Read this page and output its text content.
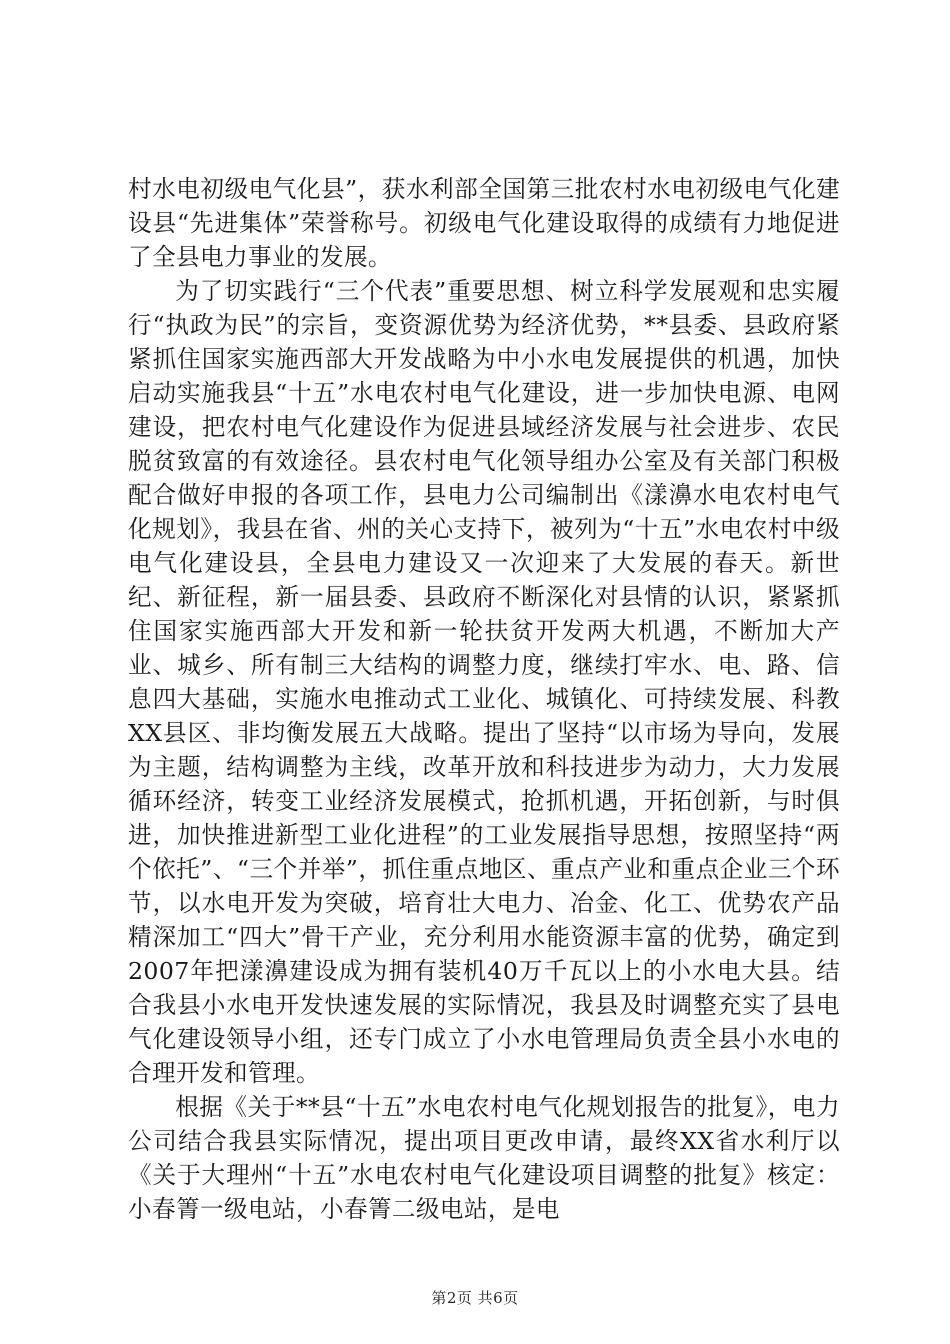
村水电初级电气化县”，获水利部全国第三批农村水电初级电气化建设县“先进集体”荣誉称号。初级电气化建设取得的成绩有力地促进了全县电力事业的发展。

为了切实践行“三个代表”重要思想、树立科学发展观和忠实履行“执政为民”的宗旨，变资源优势为经济优势，**县委、县政府紧紧抓住国家实施西部大开发战略为中小水电发展提供的机遇，加快启动实施我县“十五”水电农村电气化建设，进一步加快电源、电网建设，把农村电气化建设作为促进县域经济发展与社会进步、农民脱贫致富的有效途径。县农村电气化领导组办公室及有关部门积极配合做好申报的各项工作，县电力公司编制出《漾濞水电农村电气化规划》，我县在省、州的关心支持下，被列为“十五”水电农村中级电气化建设县，全县电力建设又一次迎来了大发展的春天。新世纪、新征程，新一届县委、县政府不断深化对县情的认识，紧紧抓住国家实施西部大开发和新一轮扶贫开发两大机遇，不断加大产业、城乡、所有制三大结构的调整力度，继续打牢水、电、路、信息四大基础，实施水电推动式工业化、城镇化、可持续发展、科教XX县区、非均衡发展五大战略。提出了坚持“以市场为导向，发展为主题，结构调整为主线，改革开放和科技进步为动力，大力发展循环经济，转变工业经济发展模式，抢抓机遇，开拓创新，与时俱进，加快推进新型工业化进程”的工业发展指导思想，按照坚持“两个依托”、“三个并举”，抓住重点地区、重点产业和重点企业三个环节，以水电开发为突破，培育壮大电力、冶金、化工、优势农产品精深加工“四大”骨干产业，充分利用水能资源丰富的优势，确定到2007年把漾濞建设成为拥有装机40万千瓦以上的小水电大县。结合我县小水电开发快速发展的实际情况，我县及时调整充实了县电气化建设领导小组，还专门成立了小水电管理局负责全县小水电的合理开发和管理。

根据《关于**县“十五”水电农村电气化规划报告的批复》，电力公司结合我县实际情况，提出项目更改申请，最终XX省水利厅以《关于大理州“十五”水电农村电气化建设项目调整的批复》核定：小春箐一级电站，小春箐二级电站，是电

第2页 共6页
